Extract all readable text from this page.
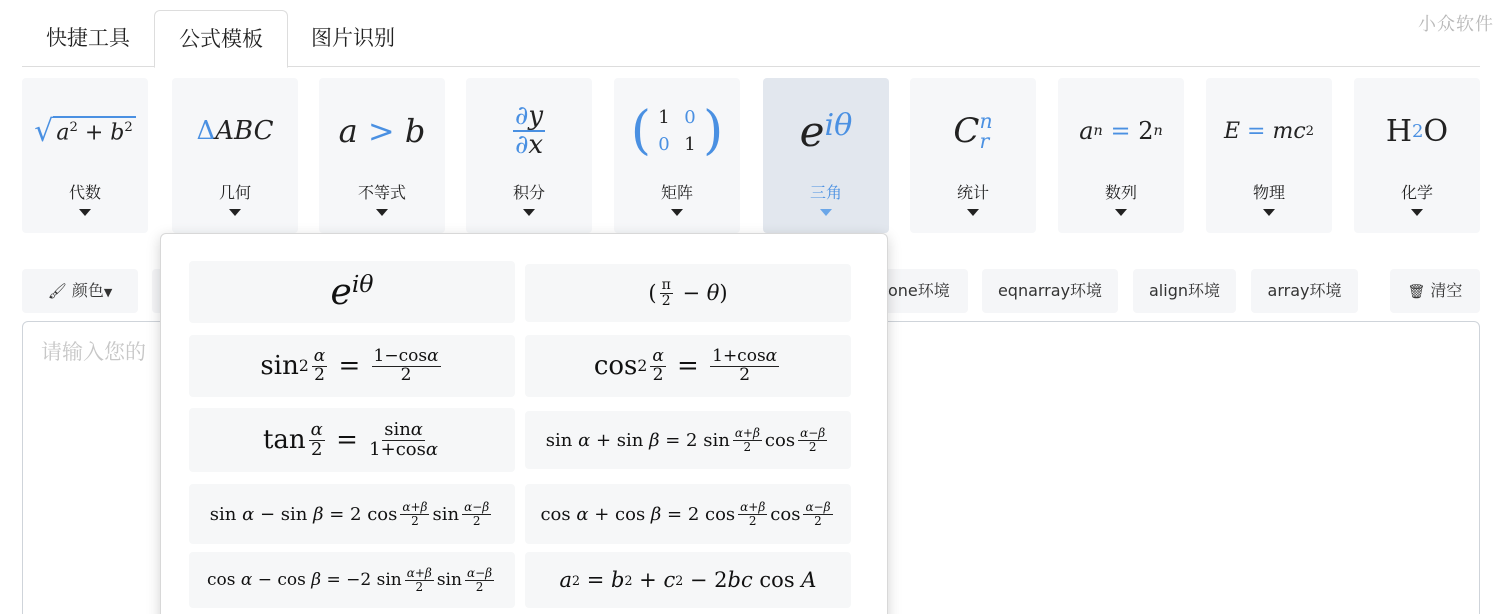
小众软件
快捷工具	公式模板	图片识别
√ $a^2 + b^2$
代数
Δ ABC
几何
a
>
b
不等式
$\frac{\partial y}{\partial x}$
积分
( 1 0
0 1 )
矩阵
$e^{i\theta}$
三角
C n
r
统计
a n
= 2 n
数列
E
=
mc 2
物理
H 2 O
化学
🖌 颜色▼	one环境	eqnarray环境	align环境	array环境	🗑 清空
请输入您的
$e^{i\theta}$	( $\frac{\pi}{2} - \theta$ )
$\sin 2 \frac{\alpha}{2} = \frac{1-\cos\alpha}{2}$	$\cos 2 \frac{\alpha}{2} = \frac{1+\cos\alpha}{2}$
$\tan \frac{\alpha}{2} = \frac{\sin\alpha}{1+\cos\alpha}$	sin α + sin β = 2 $\sin \frac{\alpha+\beta}{2}$ $\cos \frac{\alpha-\beta}{2}$
sin α − sin β = 2 $\cos \frac{\alpha+\beta}{2}$ $\sin \frac{\alpha-\beta}{2}$	cos α + cos β = 2 $\cos \frac{\alpha+\beta}{2}$ $\cos \frac{\alpha-\beta}{2}$
cos α − cos β = −2 $\sin \frac{\alpha+\beta}{2}$ $\sin \frac{\alpha-\beta}{2}$	a 2 = b 2 + c 2 − 2 bc cos A
